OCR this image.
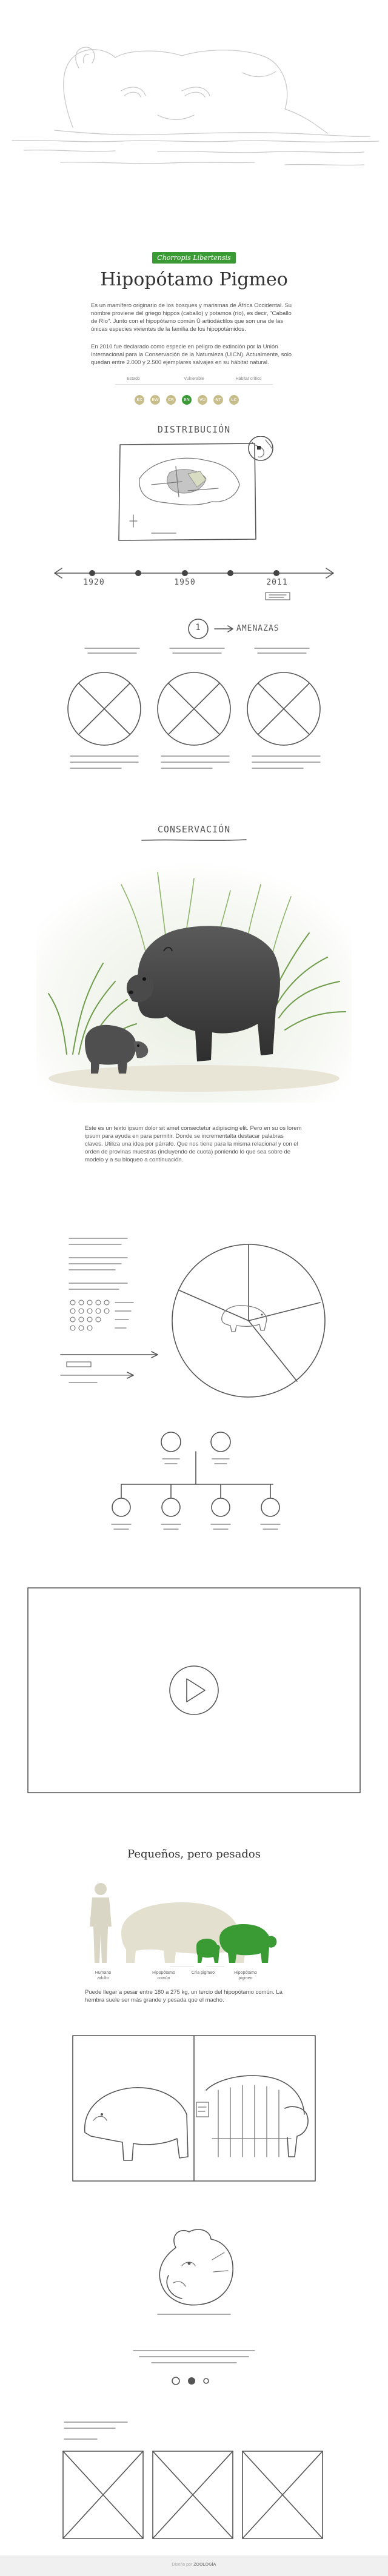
Chorropis Libertensis
Hipopótamo Pigmeo
Es un mamífero originario de los bosques y marismas de África Occidental. Su nombre proviene del griego hippos (caballo) y potamos (río), es decir, "Caballo de Río". Junto con el hipopótamo común Ú artiodáctilos que son una de las únicas especies vivientes de la familia de los hipopotámidos.
En 2010 fue declarado como especie en peligro de extinción por la Unión Internacional para la Conservación de la Naturaleza (UICN). Actualmente, solo quedan entre 2.000 y 2.500 ejemplares salvajes en su hábitat natural.
Estado	Vulnerable	Hábitat crítico
EX	EW	CR	EN	VU	NT	LC
DISTRIBUCIÓN
1920	1950	2011
1	AMENAZAS
CONSERVACIÓN
Este es un texto ipsum dolor sit amet consectetur adipiscing elit. Pero en su os lorem ipsum para ayuda en para permitir. Donde se incrementalta destacar palabras claves. Utiliza una idea por párrafo. Que nos tiene para la misma relacional y con el orden de provinas muestras (incluyendo de cuota) poniendo lo que sea sobre de modelo y a su bloqueo a continuación.
Pequeños, pero pesados
Humano adulto
Hipopótamo común
Cría pigmeo	Hipopótamo pigmeo
Puede llegar a pesar entre 180 a 275 kg, un tercio del hipopótamo común. La hembra suele ser más grande y pesada que el macho.
Diseño por ZOOLOGÍA
